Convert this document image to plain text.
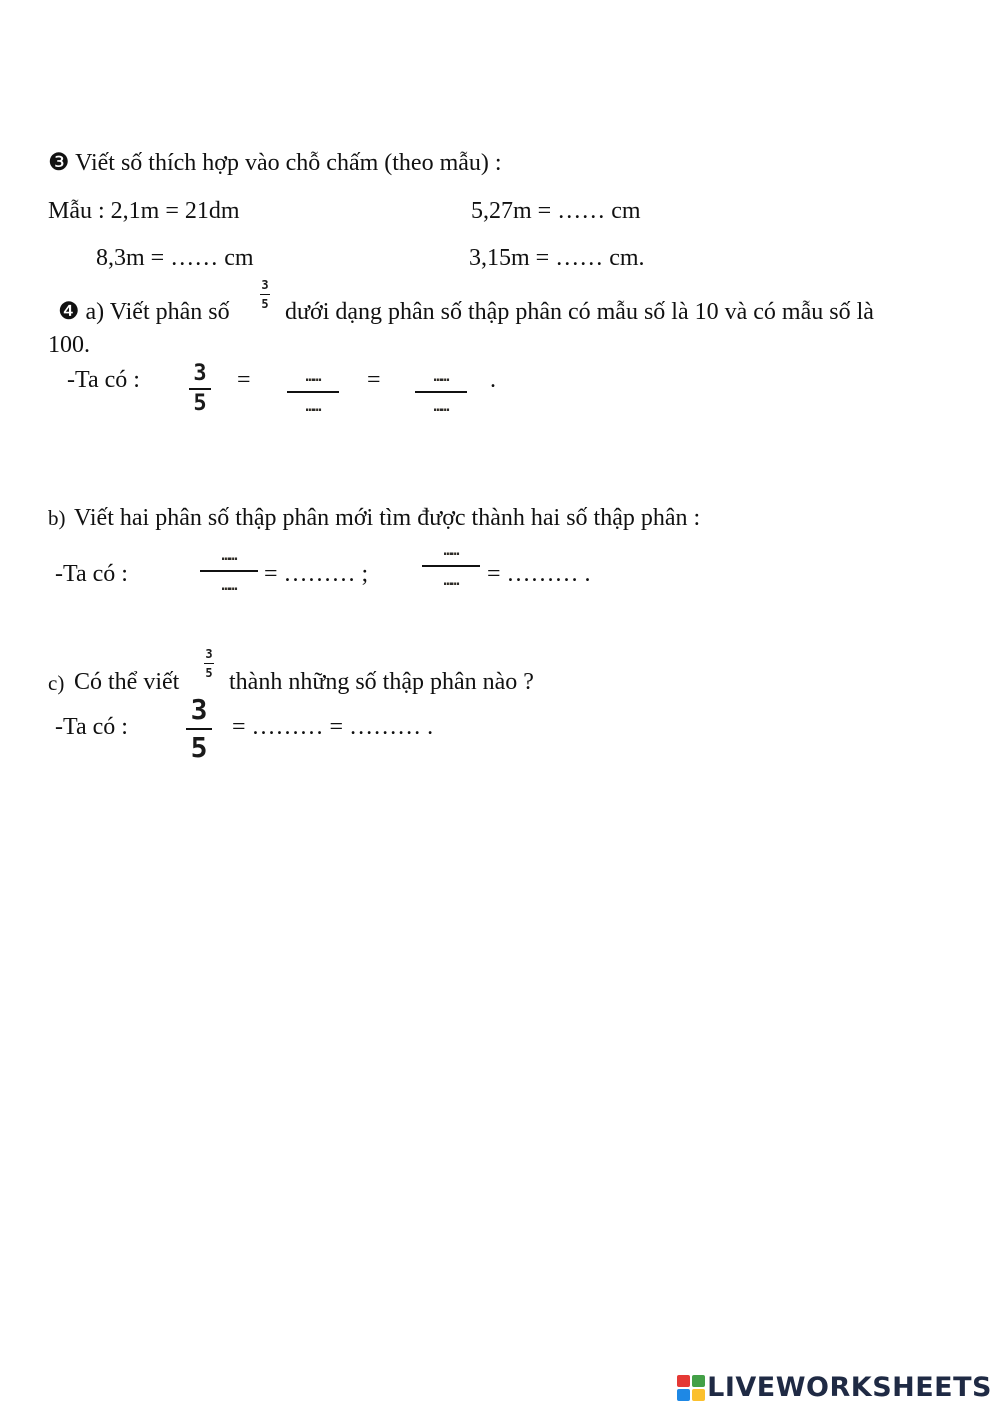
❸ Viết số thích hợp vào chỗ chấm (theo mẫu) :
Mẫu : 2,1m = 21dm	5,27m = …… cm
8,3m = …… cm	3,15m = …… cm.
❹ a) Viết phân số
3
5 dưới dạng phân số thập phân có mẫu số là 10 và có mẫu số là
100.
-Ta có : 3
5
=	……
……
=	……
……
.
b) Viết hai phân số thập phân mới tìm được thành hai số thập phân :
-Ta có :
……
……	= ……… ;
……
……	= ……… .
c) Có thể viết
3
5 thành những số thập phân nào ?
-Ta có :
3
5
= ……… = ……… .
LIVEWORKSHEETS
